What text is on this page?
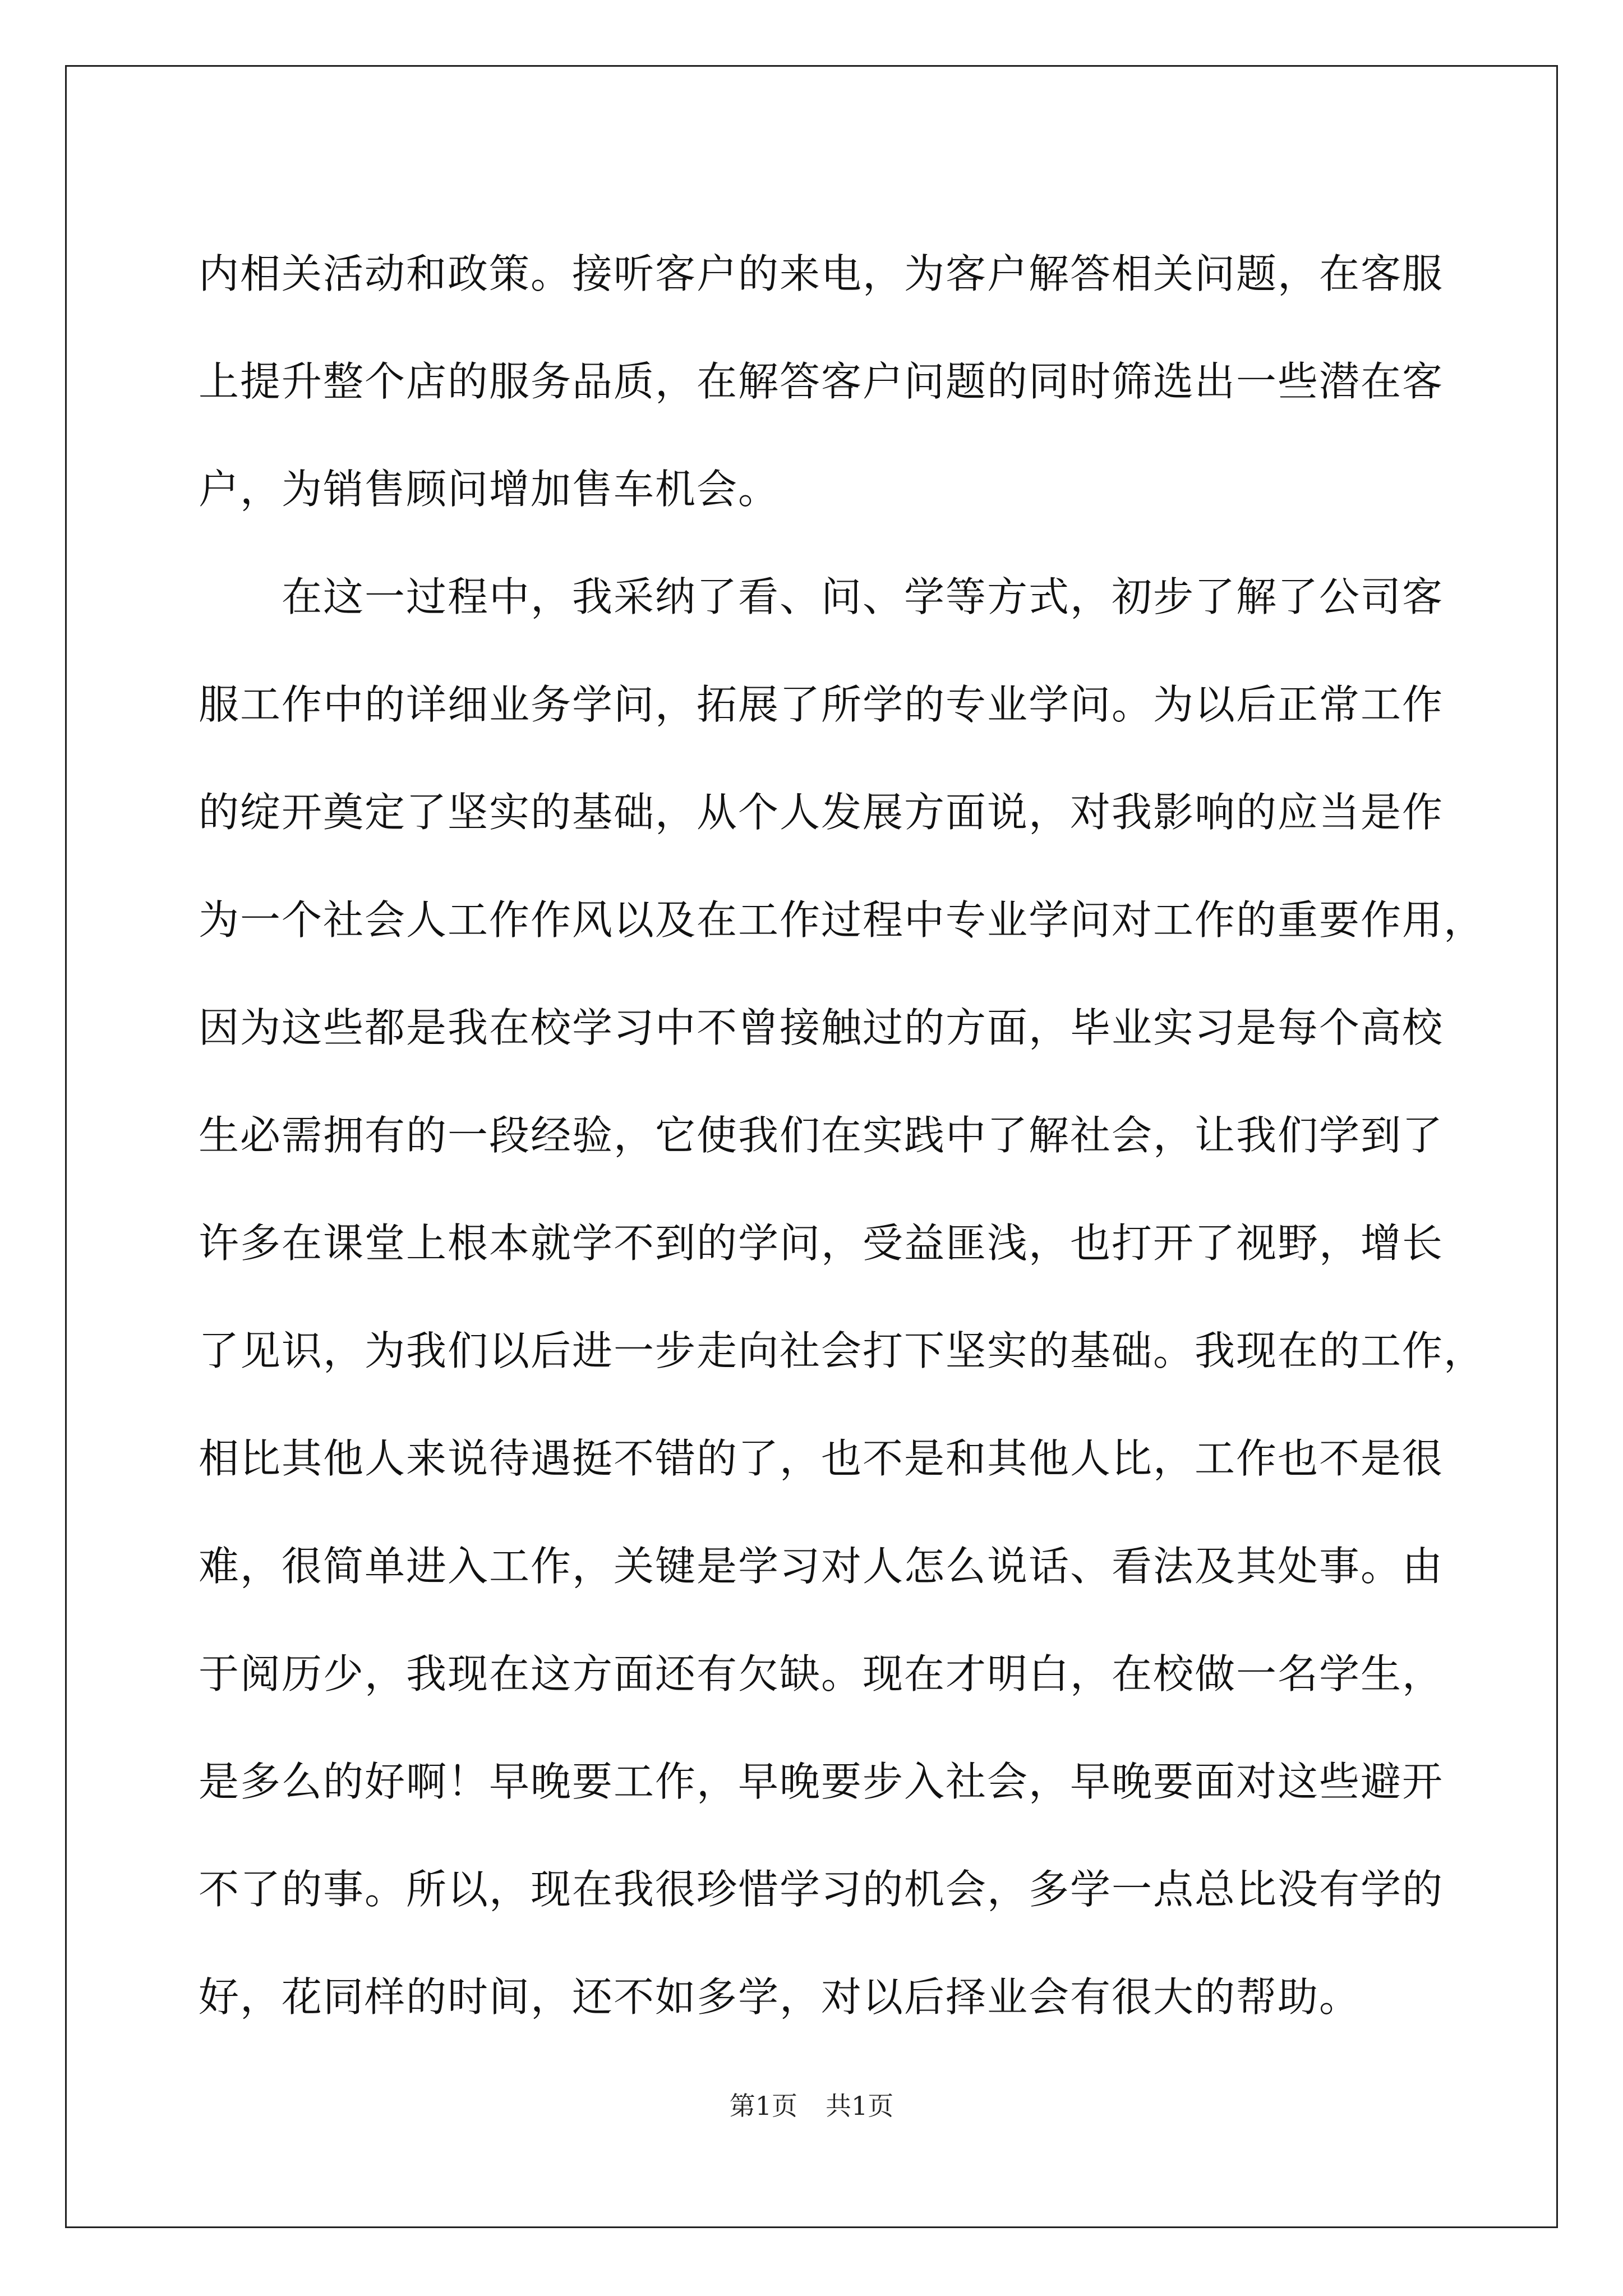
内相关活动和政策。接听客户的来电，为客户解答相关问题，在客服
上提升整个店的服务品质，在解答客户问题的同时筛选出一些潜在客
户，为销售顾问增加售车机会。
在这一过程中，我采纳了看、问、学等方式，初步了解了公司客
服工作中的详细业务学问，拓展了所学的专业学问。为以后正常工作
的绽开奠定了坚实的基础，从个人发展方面说，对我影响的应当是作
为一个社会人工作作风以及在工作过程中专业学问对工作的重要作用，
因为这些都是我在校学习中不曾接触过的方面，毕业实习是每个高校
生必需拥有的一段经验，它使我们在实践中了解社会，让我们学到了
许多在课堂上根本就学不到的学问，受益匪浅，也打开了视野，增长
了见识，为我们以后进一步走向社会打下坚实的基础。我现在的工作，
相比其他人来说待遇挺不错的了，也不是和其他人比，工作也不是很
难，很简单进入工作，关键是学习对人怎么说话、看法及其处事。由
于阅历少，我现在这方面还有欠缺。现在才明白，在校做一名学生，
是多么的好啊！早晚要工作，早晚要步入社会，早晚要面对这些避开
不了的事。所以，现在我很珍惜学习的机会，多学一点总比没有学的
好，花同样的时间，还不如多学，对以后择业会有很大的帮助。
第1页 共1页
